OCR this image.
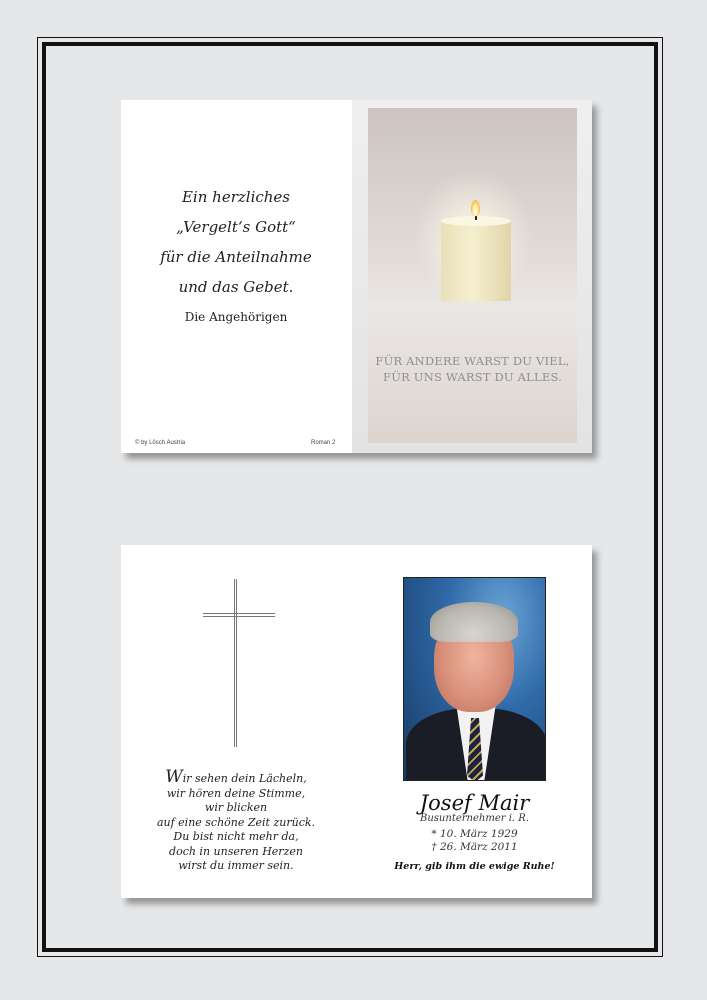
Ein herzliches
„Vergelt‘s Gott“
für die Anteilnahme
und das Gebet.
Die Angehörigen
© by Lösch Austria	Roman 2
FÜR ANDERE WARST DU VIEL,
FÜR UNS WARST DU ALLES.
Wir sehen dein Lächeln,
wir hören deine Stimme,
wir blicken
auf eine schöne Zeit zurück.
Du bist nicht mehr da,
doch in unseren Herzen
wirst du immer sein.
Josef Mair
Busunternehmer i. R.
* 10. März 1929
† 26. März 2011
Herr, gib ihm die ewige Ruhe!
